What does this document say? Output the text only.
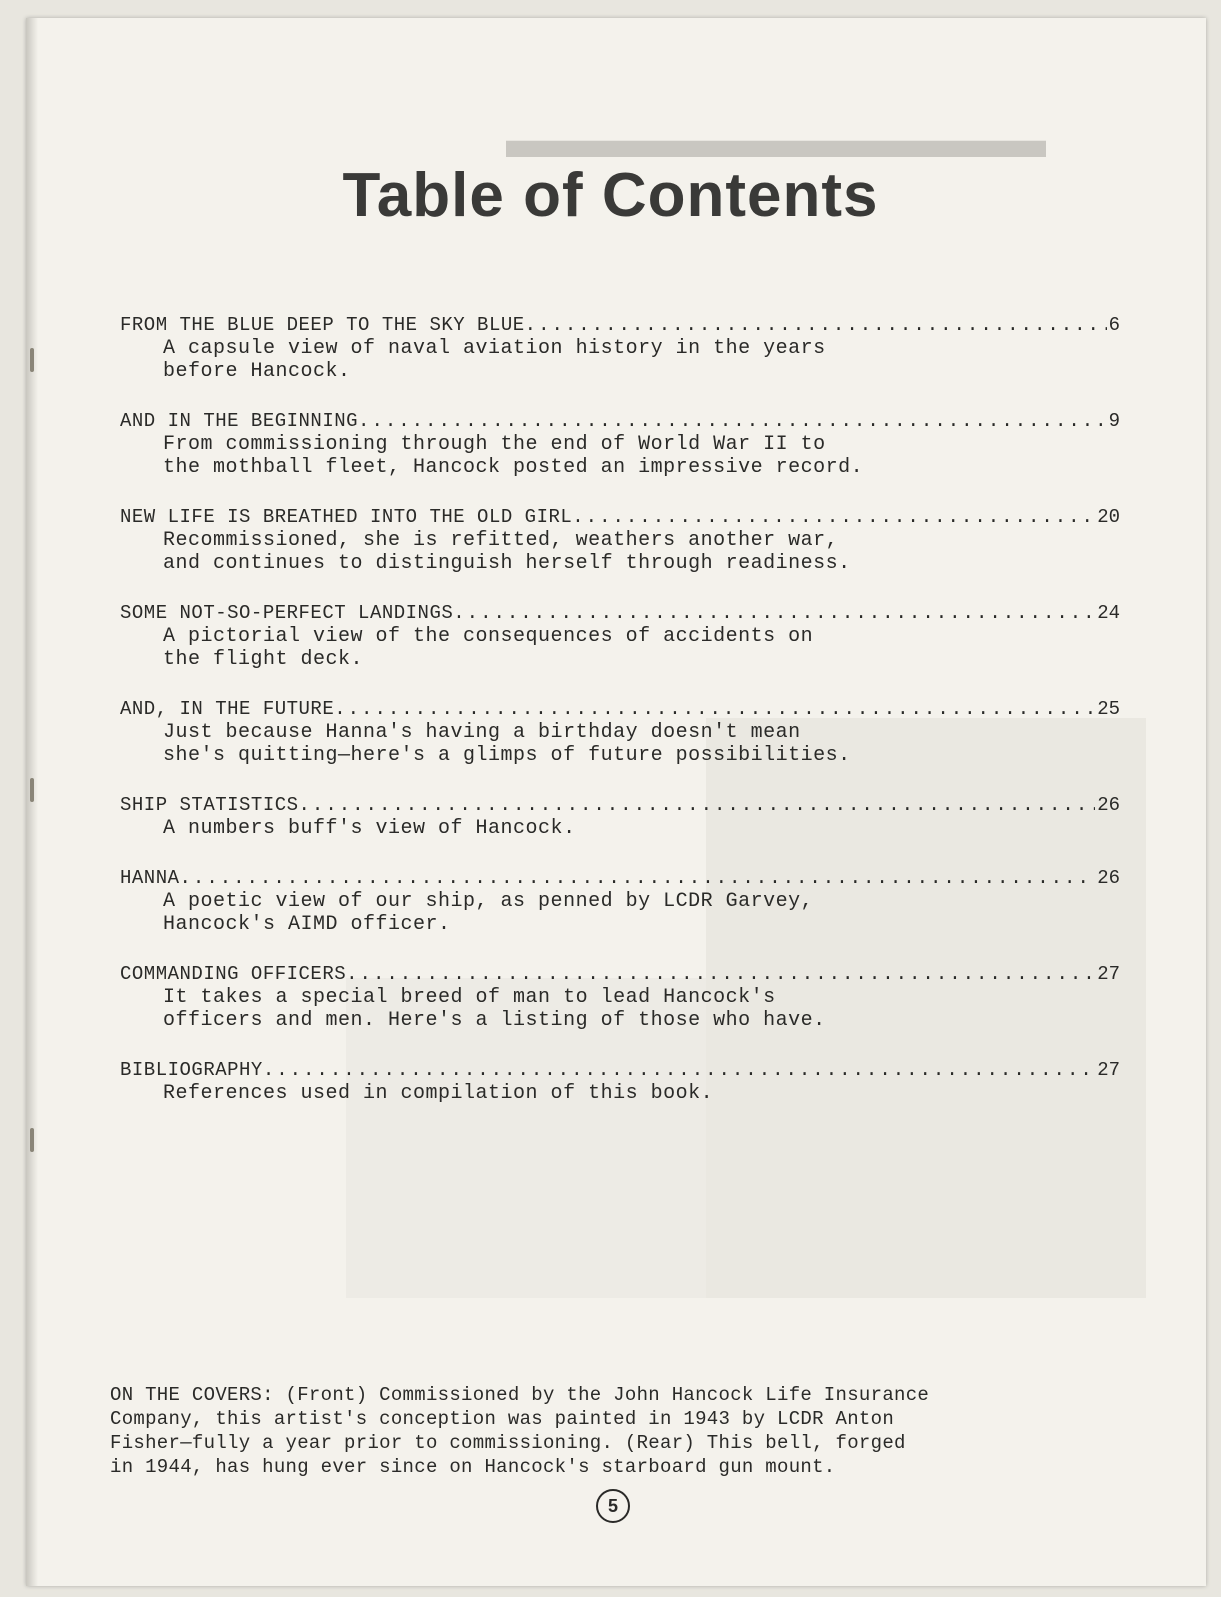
▬▬▬▬▬▬▬▬▬▬
Table of Contents
FROM THE BLUE DEEP TO THE SKY BLUE .....	6
A capsule view of naval aviation history in the years
before Hancock.
AND IN THE BEGINNING .....	9
From commissioning through the end of World War II to
the mothball fleet, Hancock posted an impressive record.
NEW LIFE IS BREATHED INTO THE OLD GIRL .....	20
Recommissioned, she is refitted, weathers another war,
and continues to distinguish herself through readiness.
SOME NOT-SO-PERFECT LANDINGS .....	24
A pictorial view of the consequences of accidents on
the flight deck.
AND, IN THE FUTURE .....	25
Just because Hanna's having a birthday doesn't mean
she's quitting—here's a glimps of future possibilities.
SHIP STATISTICS .....	26
A numbers buff's view of Hancock.
HANNA .....	26
A poetic view of our ship, as penned by LCDR Garvey,
Hancock's AIMD officer.
COMMANDING OFFICERS .....	27
It takes a special breed of man to lead Hancock's
officers and men. Here's a listing of those who have.
BIBLIOGRAPHY .....	27
References used in compilation of this book.
ON THE COVERS: (Front) Commissioned by the John Hancock Life Insurance
Company, this artist's conception was painted in 1943 by LCDR Anton
Fisher—fully a year prior to commissioning. (Rear) This bell, forged
in 1944, has hung ever since on Hancock's starboard gun mount.
5
